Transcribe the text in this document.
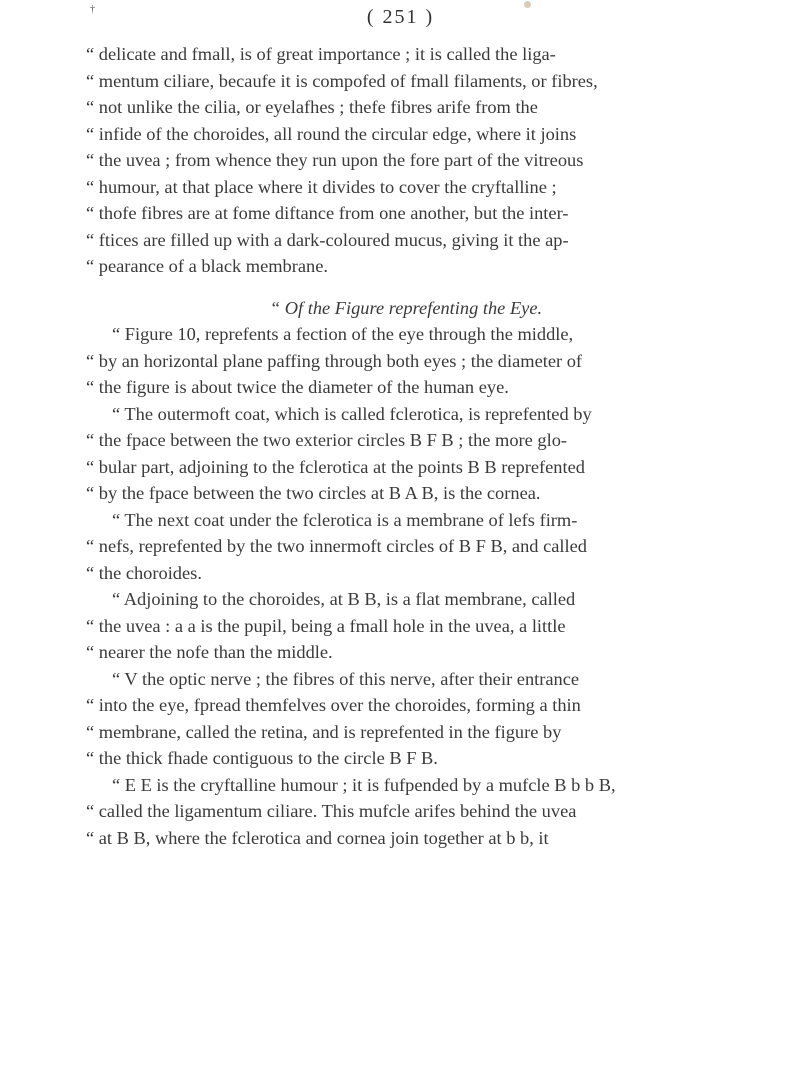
†	( 251 )
“ delicate and fmall, is of great importance ; it is called the liga-
“ mentum ciliare, becaufe it is compofed of fmall filaments, or fibres,
“ not unlike the cilia, or eyelafhes ; thefe fibres arife from the
“ infide of the choroides, all round the circular edge, where it joins
“ the uvea ; from whence they run upon the fore part of the vitreous
“ humour, at that place where it divides to cover the cryftalline ;
“ thofe fibres are at fome diftance from one another, but the inter-
“ ftices are filled up with a dark-coloured mucus, giving it the ap-
“ pearance of a black membrane.
“ Of the Figure reprefenting the Eye.
“ Figure 10, reprefents a fection of the eye through the middle,
“ by an horizontal plane paffing through both eyes ; the diameter of
“ the figure is about twice the diameter of the human eye.
“ The outermoft coat, which is called fclerotica, is reprefented by
“ the fpace between the two exterior circles B F B ; the more glo-
“ bular part, adjoining to the fclerotica at the points B B reprefented
“ by the fpace between the two circles at B A B, is the cornea.
“ The next coat under the fclerotica is a membrane of lefs firm-
“ nefs, reprefented by the two innermoft circles of B F B, and called
“ the choroides.
“ Adjoining to the choroides, at B B, is a flat membrane, called
“ the uvea : a a is the pupil, being a fmall hole in the uvea, a little
“ nearer the nofe than the middle.
“ V the optic nerve ; the fibres of this nerve, after their entrance
“ into the eye, fpread themfelves over the choroides, forming a thin
“ membrane, called the retina, and is reprefented in the figure by
“ the thick fhade contiguous to the circle B F B.
“ E E is the cryftalline humour ; it is fufpended by a mufcle B b b B,
“ called the ligamentum ciliare. This mufcle arifes behind the uvea
“ at B B, where the fclerotica and cornea join together at b b, it
